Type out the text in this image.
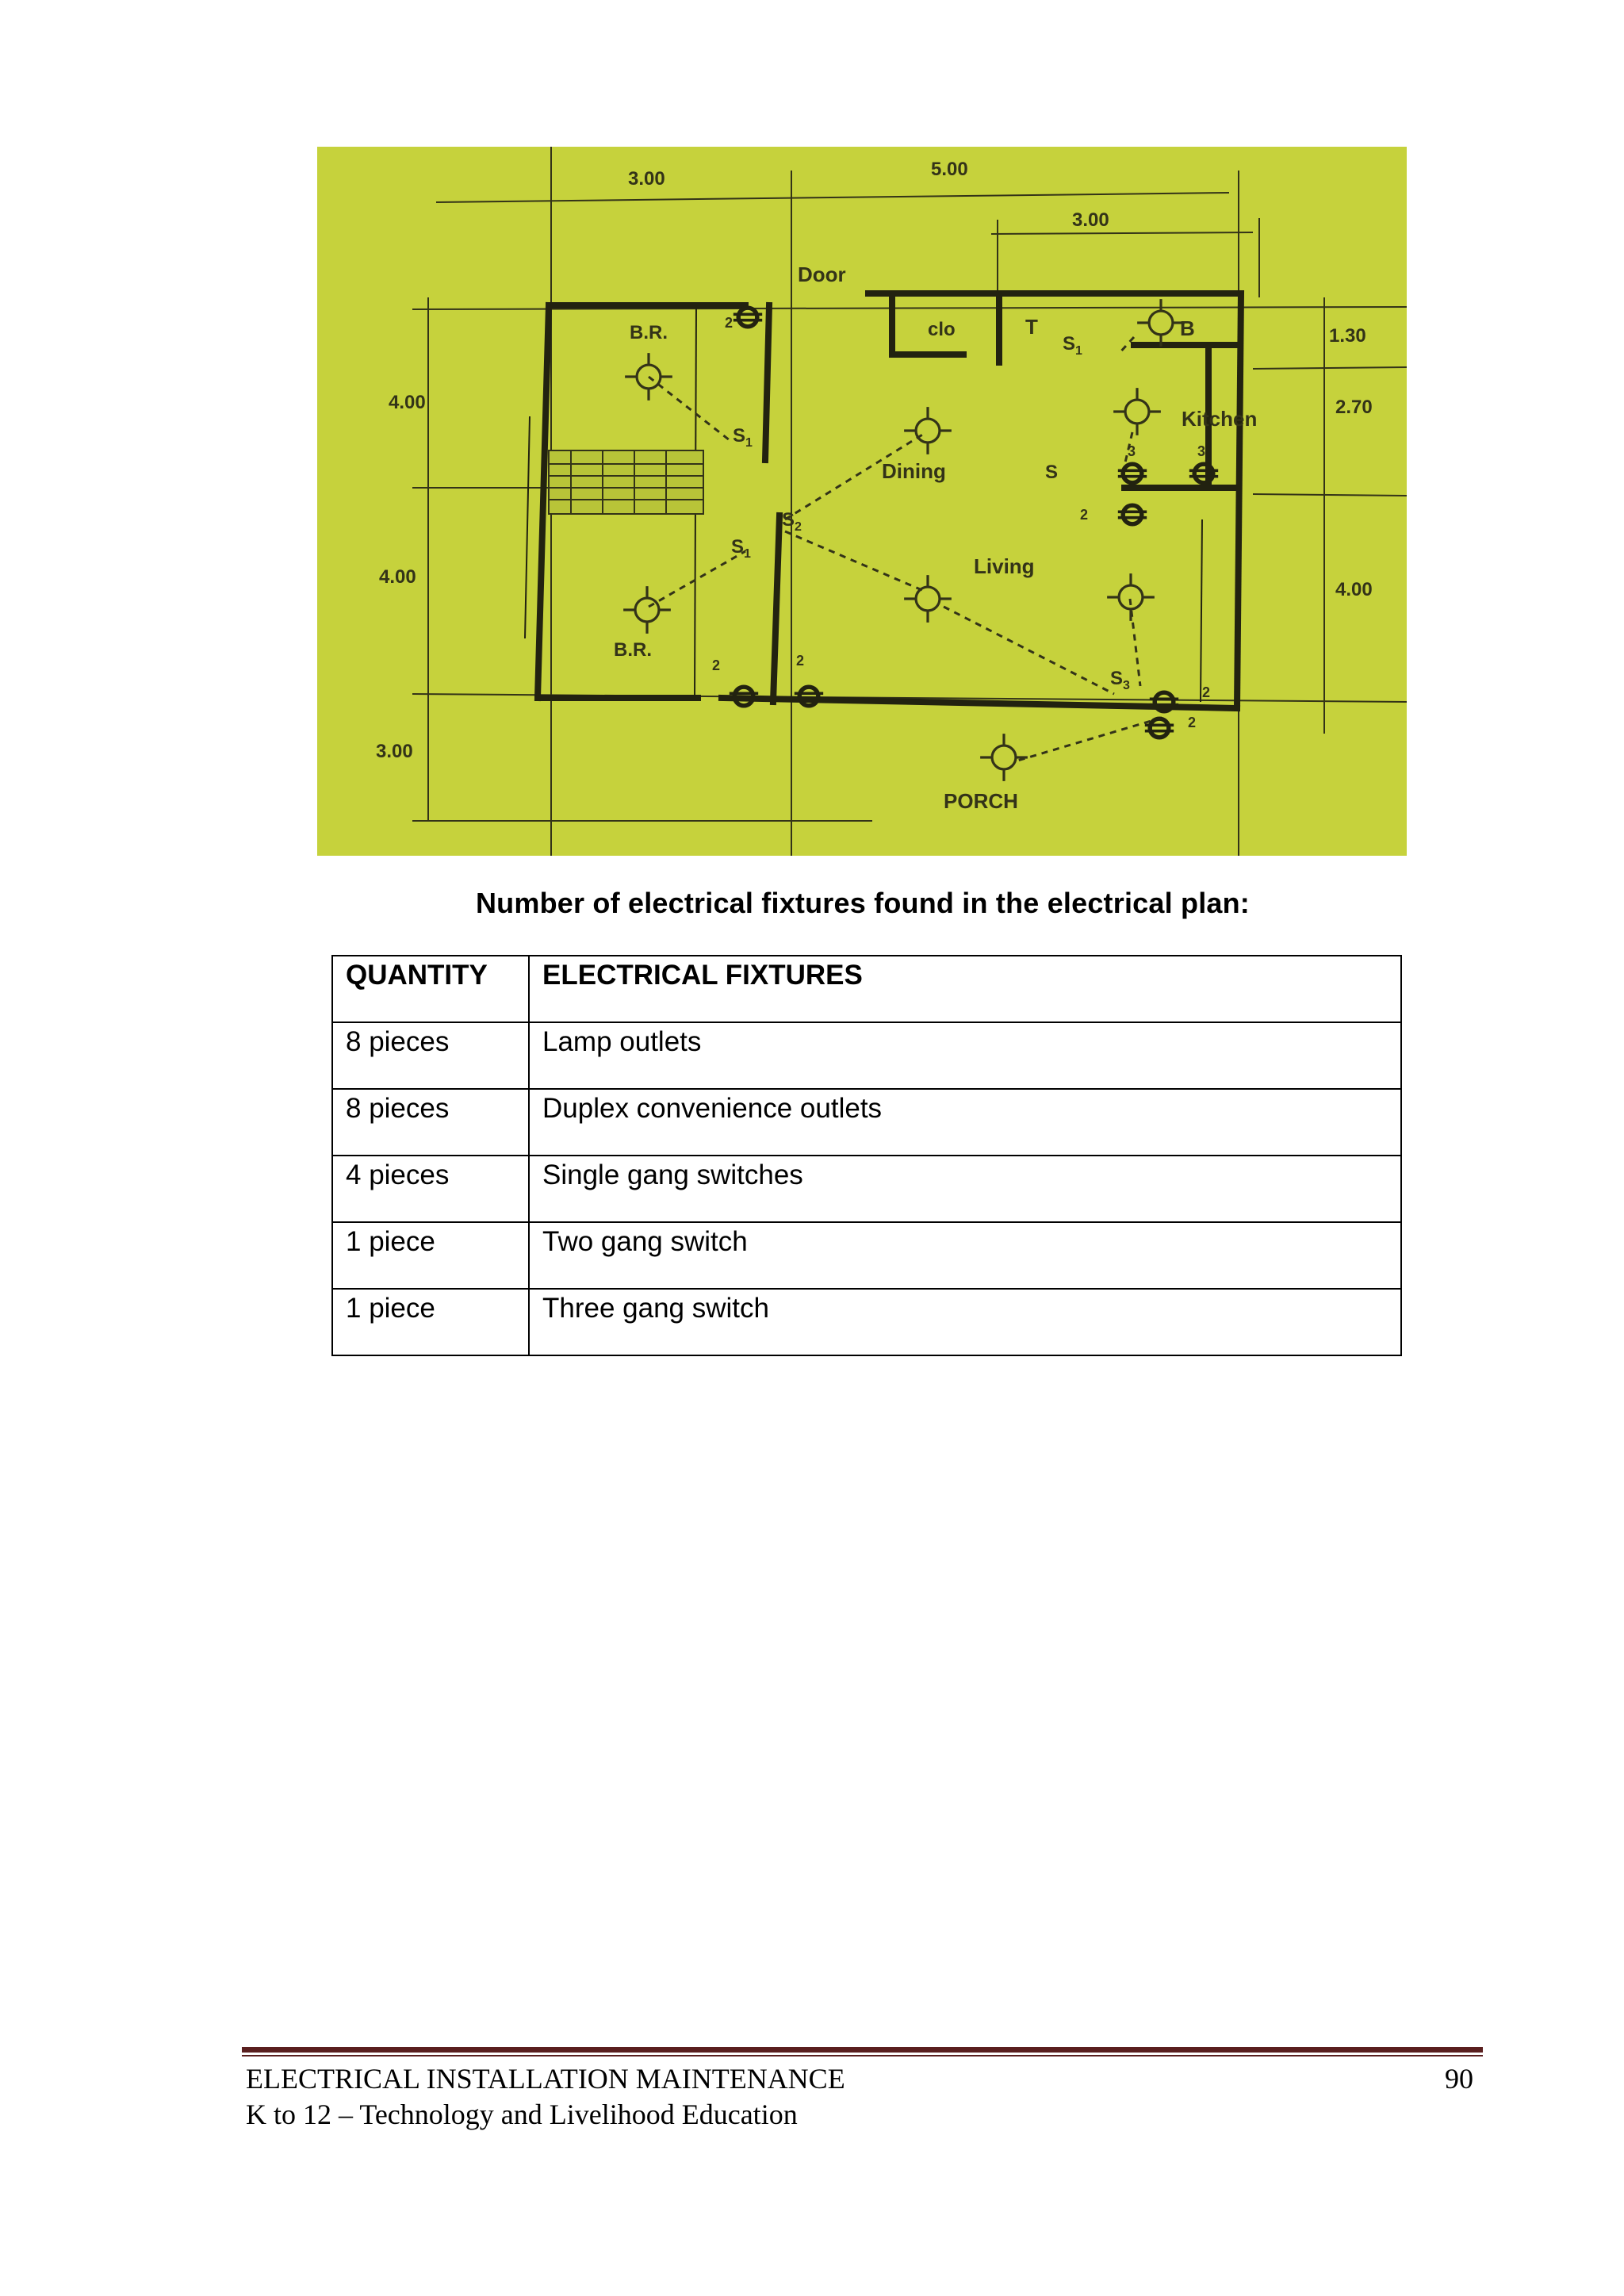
3.00	5.00
3.00
4.00
4.00
3.00
1.30
2.70
4.00
Door
clo	T	B
B.R.
B.R.
Kitchen
Dining
Living
PORCH
S 1
S 1
S 1
S 2
S 3
S
2
2	2
2
3	3
2
2
Number of electrical fixtures found in the electrical plan:
QUANTITY	ELECTRICAL FIXTURES
8 pieces	Lamp outlets
8 pieces	Duplex convenience outlets
4 pieces	Single gang switches
1 piece	Two gang switch
1 piece	Three gang switch
ELECTRICAL INSTALLATION MAINTENANCE
K to 12 – Technology and Livelihood Education
90
